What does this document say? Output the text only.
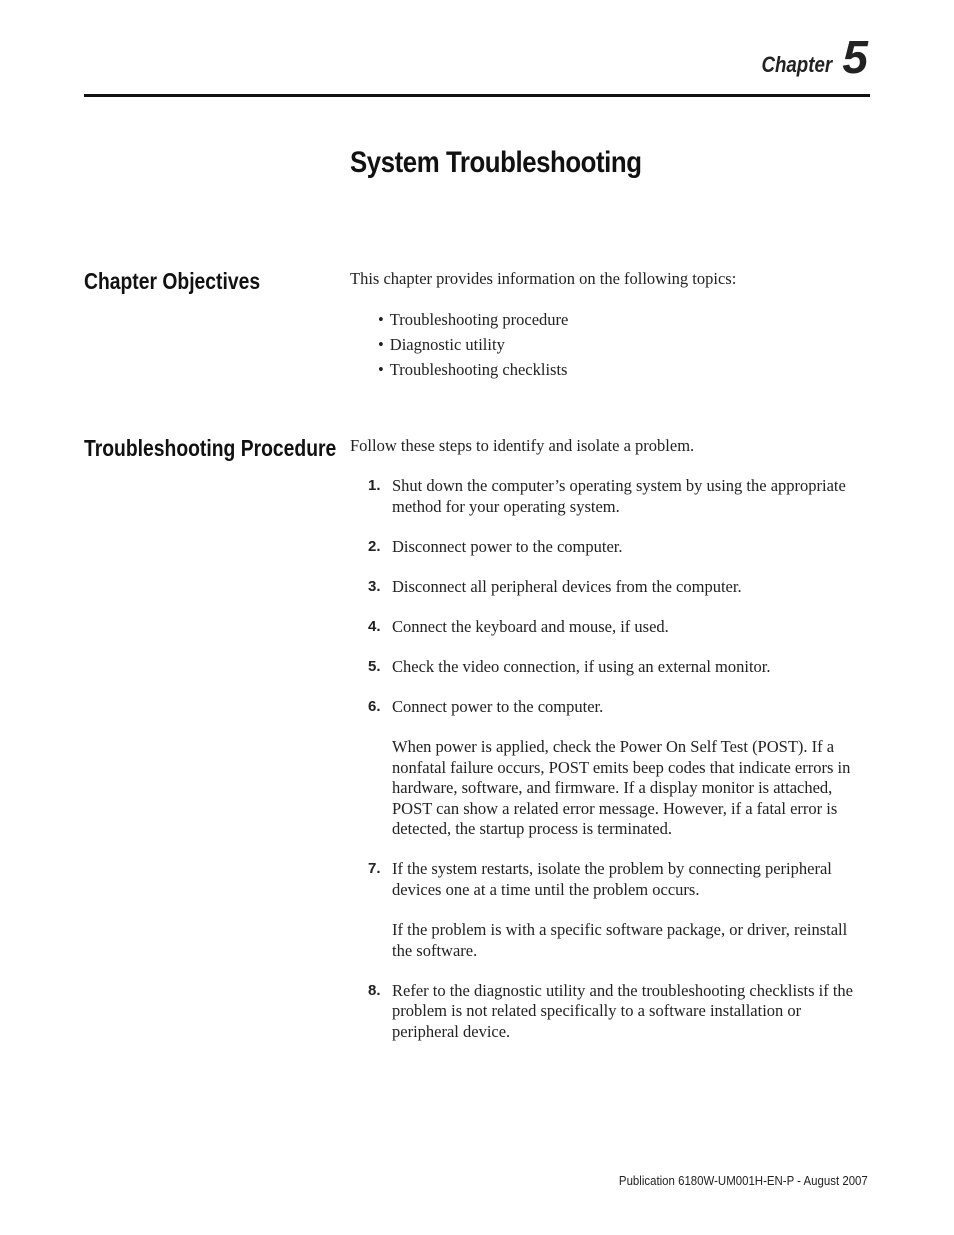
Chapter 5
System Troubleshooting
Chapter Objectives	This chapter provides information on the following topics:

• Troubleshooting procedure
• Diagnostic utility
• Troubleshooting checklists
Troubleshooting Procedure Follow these steps to identify and isolate a problem.

1. Shut down the computer’s operating system by using the appropriate method for your operating system.
2. Disconnect power to the computer.
3. Disconnect all peripheral devices from the computer.
4. Connect the keyboard and mouse, if used.
5. Check the video connection, if using an external monitor.
6. Connect power to the computer.
When power is applied, check the Power On Self Test (POST). If a nonfatal failure occurs, POST emits beep codes that indicate errors in hardware, software, and firmware. If a display monitor is attached, POST can show a related error message. However, if a fatal error is detected, the startup process is terminated.
7. If the system restarts, isolate the problem by connecting peripheral devices one at a time until the problem occurs.
If the problem is with a specific software package, or driver, reinstall the software.
8. Refer to the diagnostic utility and the troubleshooting checklists if the problem is not related specifically to a software installation or peripheral device.
Publication 6180W-UM001H-EN-P - August 2007
